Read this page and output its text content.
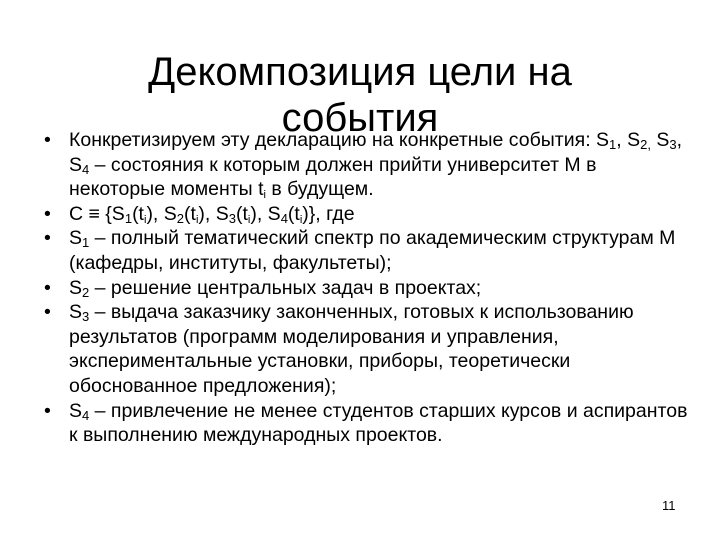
Декомпозиция цели на
события
• Конкретизируем эту декларацию на конкретные события: $S_1$, $S_{2,}$ $S_3$, $S_4$ – состояния к которым должен прийти университет М в некоторые моменты $t_i$ в будущем.
• $С \equiv \{S_1(t_i)$, $S_2(t_i)$, $S_3(t_i)$, $S_4(t_i)$}, где
• $S_1$ – полный тематический спектр по академическим структурам М (кафедры, институты, факультеты);
• $S_2$ – решение центральных задач в проектах;
• $S_3$ – выдача заказчику законченных, готовых к использованию результатов (программ моделирования и управления, экспериментальные установки, приборы, теоретически обоснованное предложения);
• $S_4$ – привлечение не менее студентов старших курсов и аспирантов к выполнению международных проектов.
11
